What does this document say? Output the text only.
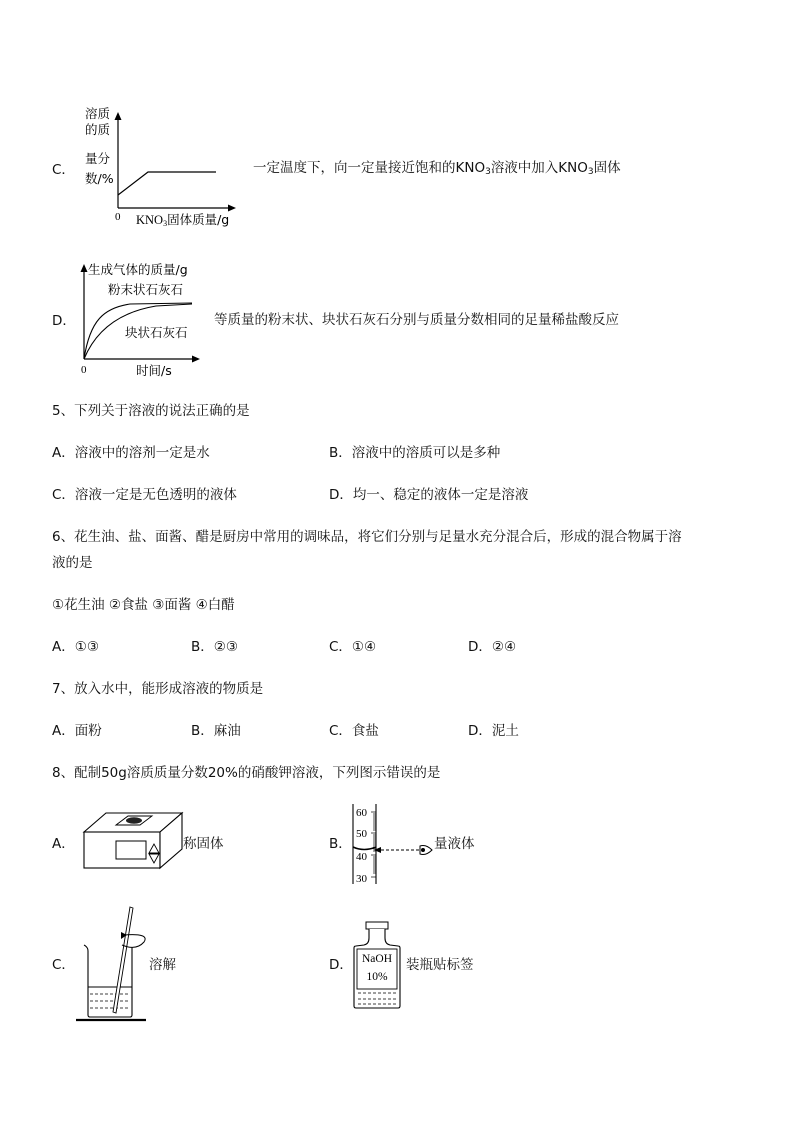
C．
溶质
的质
量分
数/%
0 KNO3固体质量/g
一定温度下，向一定量接近饱和的$KNO_3$溶液中加入$KNO_3$固体
D．
生成气体的质量/g
粉末状石灰石
块状石灰石
0	时间/s
等质量的粉末状、块状石灰石分别与质量分数相同的足量稀盐酸反应
5、下列关于溶液的说法正确的是
A．溶液中的溶剂一定是水	B．溶液中的溶质可以是多种
C．溶液一定是无色透明的液体	D．均一、稳定的液体一定是溶液
6、花生油、盐、面酱、醋是厨房中常用的调味品，将它们分别与足量水充分混合后，形成的混合物属于溶
液的是
①花生油 ②食盐 ③面酱 ④白醋
A．①③	B．②③	C．①④	D．②④
7、放入水中，能形成溶液的物质是
A．面粉	B．麻油	C．食盐	D．泥土
8、配制50g溶质质量分数20%的硝酸钾溶液，下列图示错误的是
A．	称固体	B．
60
50
40
30
量液体
C．	溶解	D． NaOH
10%
装瓶贴标签
